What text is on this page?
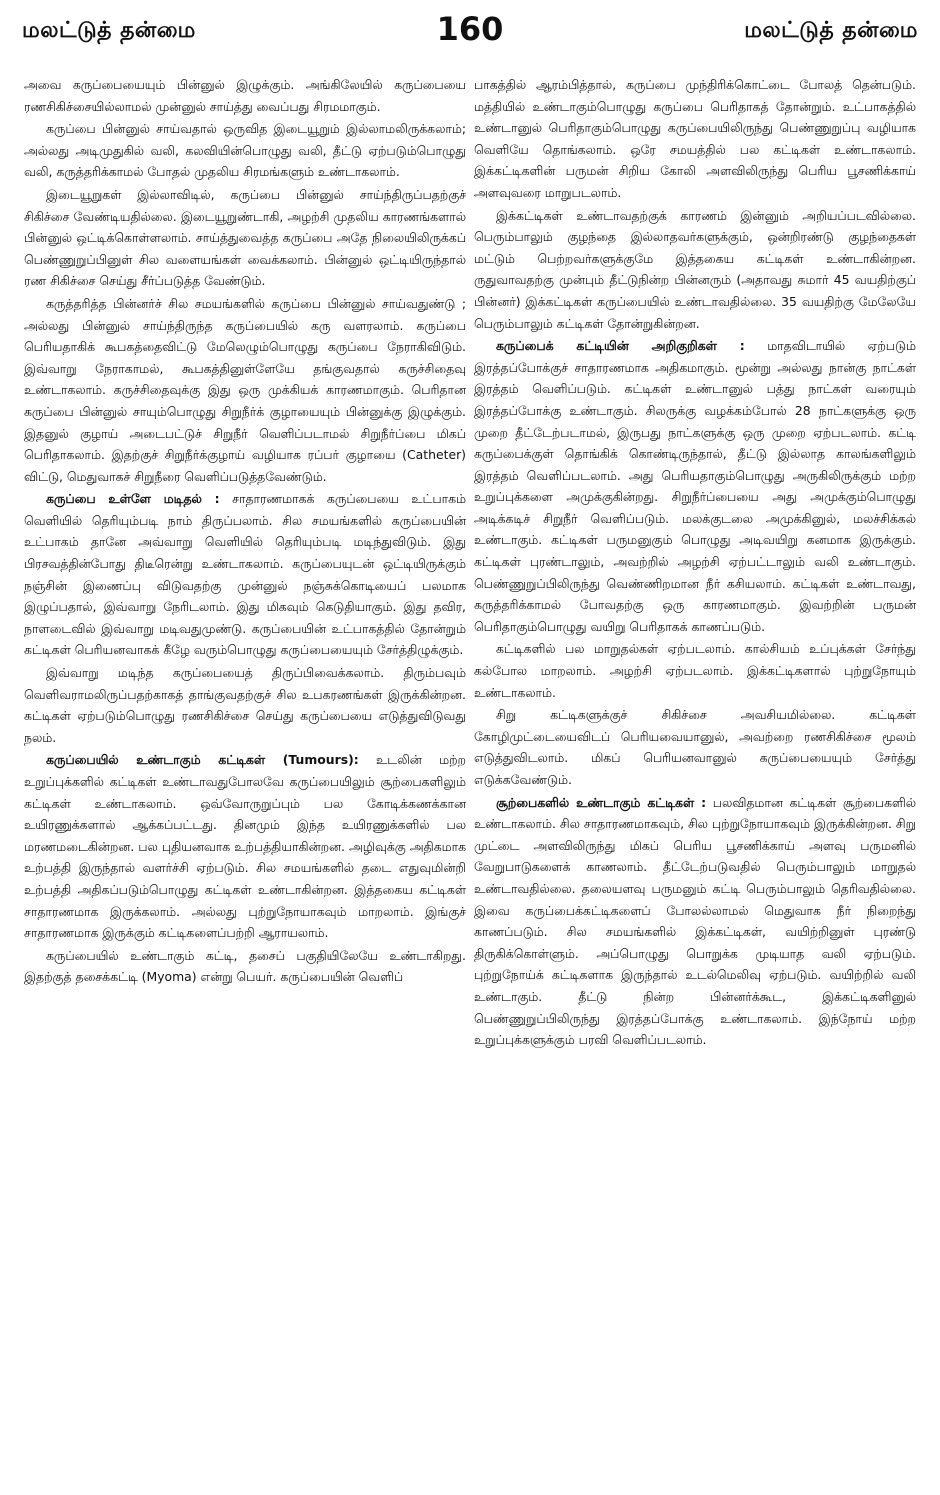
மலட்டுத் தன்மை	160	மலட்டுத் தன்மை

அவை கருப்பையையும் பின்னுல் இழுக்கும். அங்கிலேயில் கருப்பையை ரணசிகிச்சையில்லாமல் முன்னுல் சாய்த்து வைப்பது சிரமமாகும்.

கருப்பை பின்னுல் சாய்வதால் ஒருவித இடையூறும் இல்லாமலிருக்கலாம்; அல்லது அடிமுதுகில் வலி, கலவியின்பொழுது வலி, தீட்டு ஏற்படும்பொழுது வலி, கருத்தரிக்காமல் போதல் முதலிய சிரமங்களும் உண்டாகலாம்.

இடையூறுகள் இல்லாவிடில், கருப்பை பின்னுல் சாய்ந்திருப்பதற்குச் சிகிச்சை வேண்டியதில்லை. இடையூறுண்டாகி, அழற்சி முதலிய காரணங்களால் பின்னுல் ஒட்டிக்கொள்ளலாம். சாய்த்துவைத்த கருப்பை அதே நிலையிலிருக்கப் பெண்ணுறுப்பினுள் சில வளையங்கள் வைக்கலாம். பின்னுல் ஒட்டியிருந்தால் ரண சிகிச்சை செய்து சீர்ப்படுத்த வேண்டும்.

கருத்தரித்த பின்னர்ச் சில சமயங்களில் கருப்பை பின்னுல் சாய்வதுண்டு ; அல்லது பின்னுல் சாய்ந்திருந்த கருப்பையில் கரு வளரலாம். கருப்பை பெரியதாகிக் கூபகத்தைவிட்டு மேலெழும்பொழுது கருப்பை நேராகிவிடும். இவ்வாறு நேராகாமல், கூபகத்தினுள்ளேயே தங்குவதால் கருச்சிதைவு உண்டாகலாம். கருச்சிதைவுக்கு இது ஒரு முக்கியக் காரணமாகும். பெரிதான கருப்பை பின்னுல் சாயும்பொழுது சிறுநீர்க் குழாயையும் பின்னுக்கு இழுக்கும். இதனுல் குழாய் அடைபட்டுச் சிறுநீர் வெளிப்படாமல் சிறுநீர்ப்பை மிகப் பெரிதாகலாம். இதற்குச் சிறுநீர்க்குழாய் வழியாக ரப்பர் குழாயை (Catheter) விட்டு, மெதுவாகச் சிறுநீரை வெளிப்படுத்தவேண்டும்.

கருப்பை உள்ளே மடிதல் : சாதாரணமாகக் கருப்பையை உட்பாகம் வெளியில் தெரியும்படி நாம் திருப்பலாம். சில சமயங்களில் கருப்பையின் உட்பாகம் தானே அவ்வாறு வெளியில் தெரியும்படி மடிந்துவிடும். இது பிரசவத்தின்போது திடீரென்று உண்டாகலாம். கருப்பையுடன் ஒட்டியிருக்கும் நஞ்சின் இணைப்பு விடுவதற்கு முன்னுல் நஞ்சுக்கொடியைப் பலமாக இழுப்பதால், இவ்வாறு நேரிடலாம். இது மிகவும் கெடுதியாகும். இது தவிர, நாளடைவில் இவ்வாறு மடிவதுமுண்டு. கருப்பையின் உட்பாகத்தில் தோன்றும் கட்டிகள் பெரியனவாகக் கீழே வரும்பொழுது கருப்பையையும் சேர்த்திழுக்கும்.

இவ்வாறு மடிந்த கருப்பையைத் திருப்பிவைக்கலாம். திரும்பவும் வெளிவராமலிருப்பதற்காகத் தாங்குவதற்குச் சில உபகரணங்கள் இருக்கின்றன. கட்டிகள் ஏற்படும்பொழுது ரணசிகிச்சை செய்து கருப்பையை எடுத்துவிடுவது நலம்.

கருப்பையில் உண்டாகும் கட்டிகள் (Tumours): உடலின் மற்ற உறுப்புக்களில் கட்டிகள் உண்டாவதுபோலவே கருப்பையிலும் சூற்பைகளிலும் கட்டிகள் உண்டாகலாம். ஒவ்வோருறுப்பும் பல கோடிக்கணக்கான உயிரணுக்களால் ஆக்கப்பட்டது. தினமும் இந்த உயிரணுக்களில் பல மரணமடைகின்றன. பல புதியனவாக உற்பத்தியாகின்றன. அழிவுக்கு அதிகமாக உற்பத்தி இருந்தால் வளர்ச்சி ஏற்படும். சில சமயங்களில் தடை எதுவுமின்றி உற்பத்தி அதிகப்படும்பொழுது கட்டிகள் உண்டாகின்றன. இத்தகைய கட்டிகள் சாதாரணமாக இருக்கலாம். அல்லது புற்றுநோயாகவும் மாறலாம். இங்குச் சாதாரணமாக இருக்கும் கட்டிகளைப்பற்றி ஆராயலாம்.

கருப்பையில் உண்டாகும் கட்டி, தசைப் பகுதியிலேயே உண்டாகிறது. இதற்குத் தசைக்கட்டி (Myoma) என்று பெயர். கருப்பையின் வெளிப்

பாகத்தில் ஆரம்பித்தால், கருப்பை முந்திரிக்கொட்டை போலத் தென்படும். மத்தியில் உண்டாகும்பொழுது கருப்பை பெரிதாகத் தோன்றும். உட்பாகத்தில் உண்டானுல் பெரிதாகும்பொழுது கருப்பையிலிருந்து பெண்ணுறுப்பு வழியாக வெளியே தொங்கலாம். ஒரே சமயத்தில் பல கட்டிகள் உண்டாகலாம். இக்கட்டிகளின் பருமன் சிறிய கோலி அளவிலிருந்து பெரிய பூசணிக்காய் அளவுவரை மாறுபடலாம்.

இக்கட்டிகள் உண்டாவதற்குக் காரணம் இன்னும் அறியப்படவில்லை. பெரும்பாலும் குழந்தை இல்லாதவர்களுக்கும், ஒன்றிரண்டு குழந்தைகள் மட்டும் பெற்றவர்களுக்குமே இத்தகைய கட்டிகள் உண்டாகின்றன. ருதுவாவதற்கு முன்பும் தீட்டுநின்ற பின்னரும் (அதாவது சுமார் 45 வயதிற்குப் பின்னர்) இக்கட்டிகள் கருப்பையில் உண்டாவதில்லை. 35 வயதிற்கு மேலேயே பெரும்பாலும் கட்டிகள் தோன்றுகின்றன.

கருப்பைக் கட்டியின் அறிகுறிகள் : மாதவிடாயில் ஏற்படும் இரத்தப்போக்குச் சாதாரணமாக அதிகமாகும். மூன்று அல்லது நான்கு நாட்கள் இரத்தம் வெளிப்படும். கட்டிகள் உண்டானுல் பத்து நாட்கள் வரையும் இரத்தப்போக்கு உண்டாகும். சிலருக்கு வழக்கம்போல் 28 நாட்களுக்கு ஒரு முறை தீட்டேற்படாமல், இருபது நாட்களுக்கு ஒரு முறை ஏற்படலாம். கட்டி கருப்பைக்குள் தொங்கிக் கொண்டிருந்தால், தீட்டு இல்லாத காலங்களிலும் இரத்தம் வெளிப்படலாம். அது பெரியதாகும்பொழுது அருகிலிருக்கும் மற்ற உறுப்புக்களை அமுக்குகின்றது. சிறுநீர்ப்பையை அது அமுக்கும்பொழுது அடிக்கடிச் சிறுநீர் வெளிப்படும். மலக்குடலை அமுக்கினுல், மலச்சிக்கல் உண்டாகும். கட்டிகள் பருமனுகும் பொழுது அடிவயிறு கனமாக இருக்கும். கட்டிகள் புரண்டாலும், அவற்றில் அழற்சி ஏற்பட்டாலும் வலி உண்டாகும். பெண்ணுறுப்பிலிருந்து வெண்ணிறமான நீர் கசியலாம். கட்டிகள் உண்டாவது, கருத்தரிக்காமல் போவதற்கு ஒரு காரணமாகும். இவற்றின் பருமன் பெரிதாகும்பொழுது வயிறு பெரிதாகக் காணப்படும்.

கட்டிகளில் பல மாறுதல்கள் ஏற்படலாம். கால்சியம் உப்புக்கள் சேர்ந்து கல்போல மாறலாம். அழற்சி ஏற்படலாம். இக்கட்டிகளால் புற்றுநோயும் உண்டாகலாம்.

சிறு கட்டிகளுக்குச் சிகிச்சை அவசியமில்லை. கட்டிகள் கோழிமுட்டையைவிடப் பெரியவையானுல், அவற்றை ரணசிகிச்சை மூலம் எடுத்துவிடலாம். மிகப் பெரியனவானுல் கருப்பையையும் சேர்த்து எடுக்கவேண்டும்.

சூற்பைகளில் உண்டாகும் கட்டிகள் : பலவிதமான கட்டிகள் சூற்பைகளில் உண்டாகலாம். சில சாதாரணமாகவும், சில புற்றுநோயாகவும் இருக்கின்றன. சிறு முட்டை அளவிலிருந்து மிகப் பெரிய பூசணிக்காய் அளவு பருமனில் வேறுபாடுகளைக் காணலாம். தீட்டேற்படுவதில் பெரும்பாலும் மாறுதல் உண்டாவதில்லை. தலையளவு பருமனும் கட்டி பெரும்பாலும் தெரிவதில்லை. இவை கருப்பைக்கட்டிகளைப் போலல்லாமல் மெதுவாக நீர் நிறைந்து காணப்படும். சில சமயங்களில் இக்கட்டிகள், வயிற்றினுள் புரண்டு திருகிக்கொள்ளும். அப்பொழுது பொறுக்க முடியாத வலி ஏற்படும். புற்றுநோய்க் கட்டிகளாக இருந்தால் உடல்மெலிவு ஏற்படும். வயிற்றில் வலி உண்டாகும். தீட்டு நின்ற பின்னர்க்கூட, இக்கட்டிகளினுல் பெண்ணுறுப்பிலிருந்து இரத்தப்போக்கு உண்டாகலாம். இந்நோய் மற்ற உறுப்புக்களுக்கும் பரவி வெளிப்படலாம்.
